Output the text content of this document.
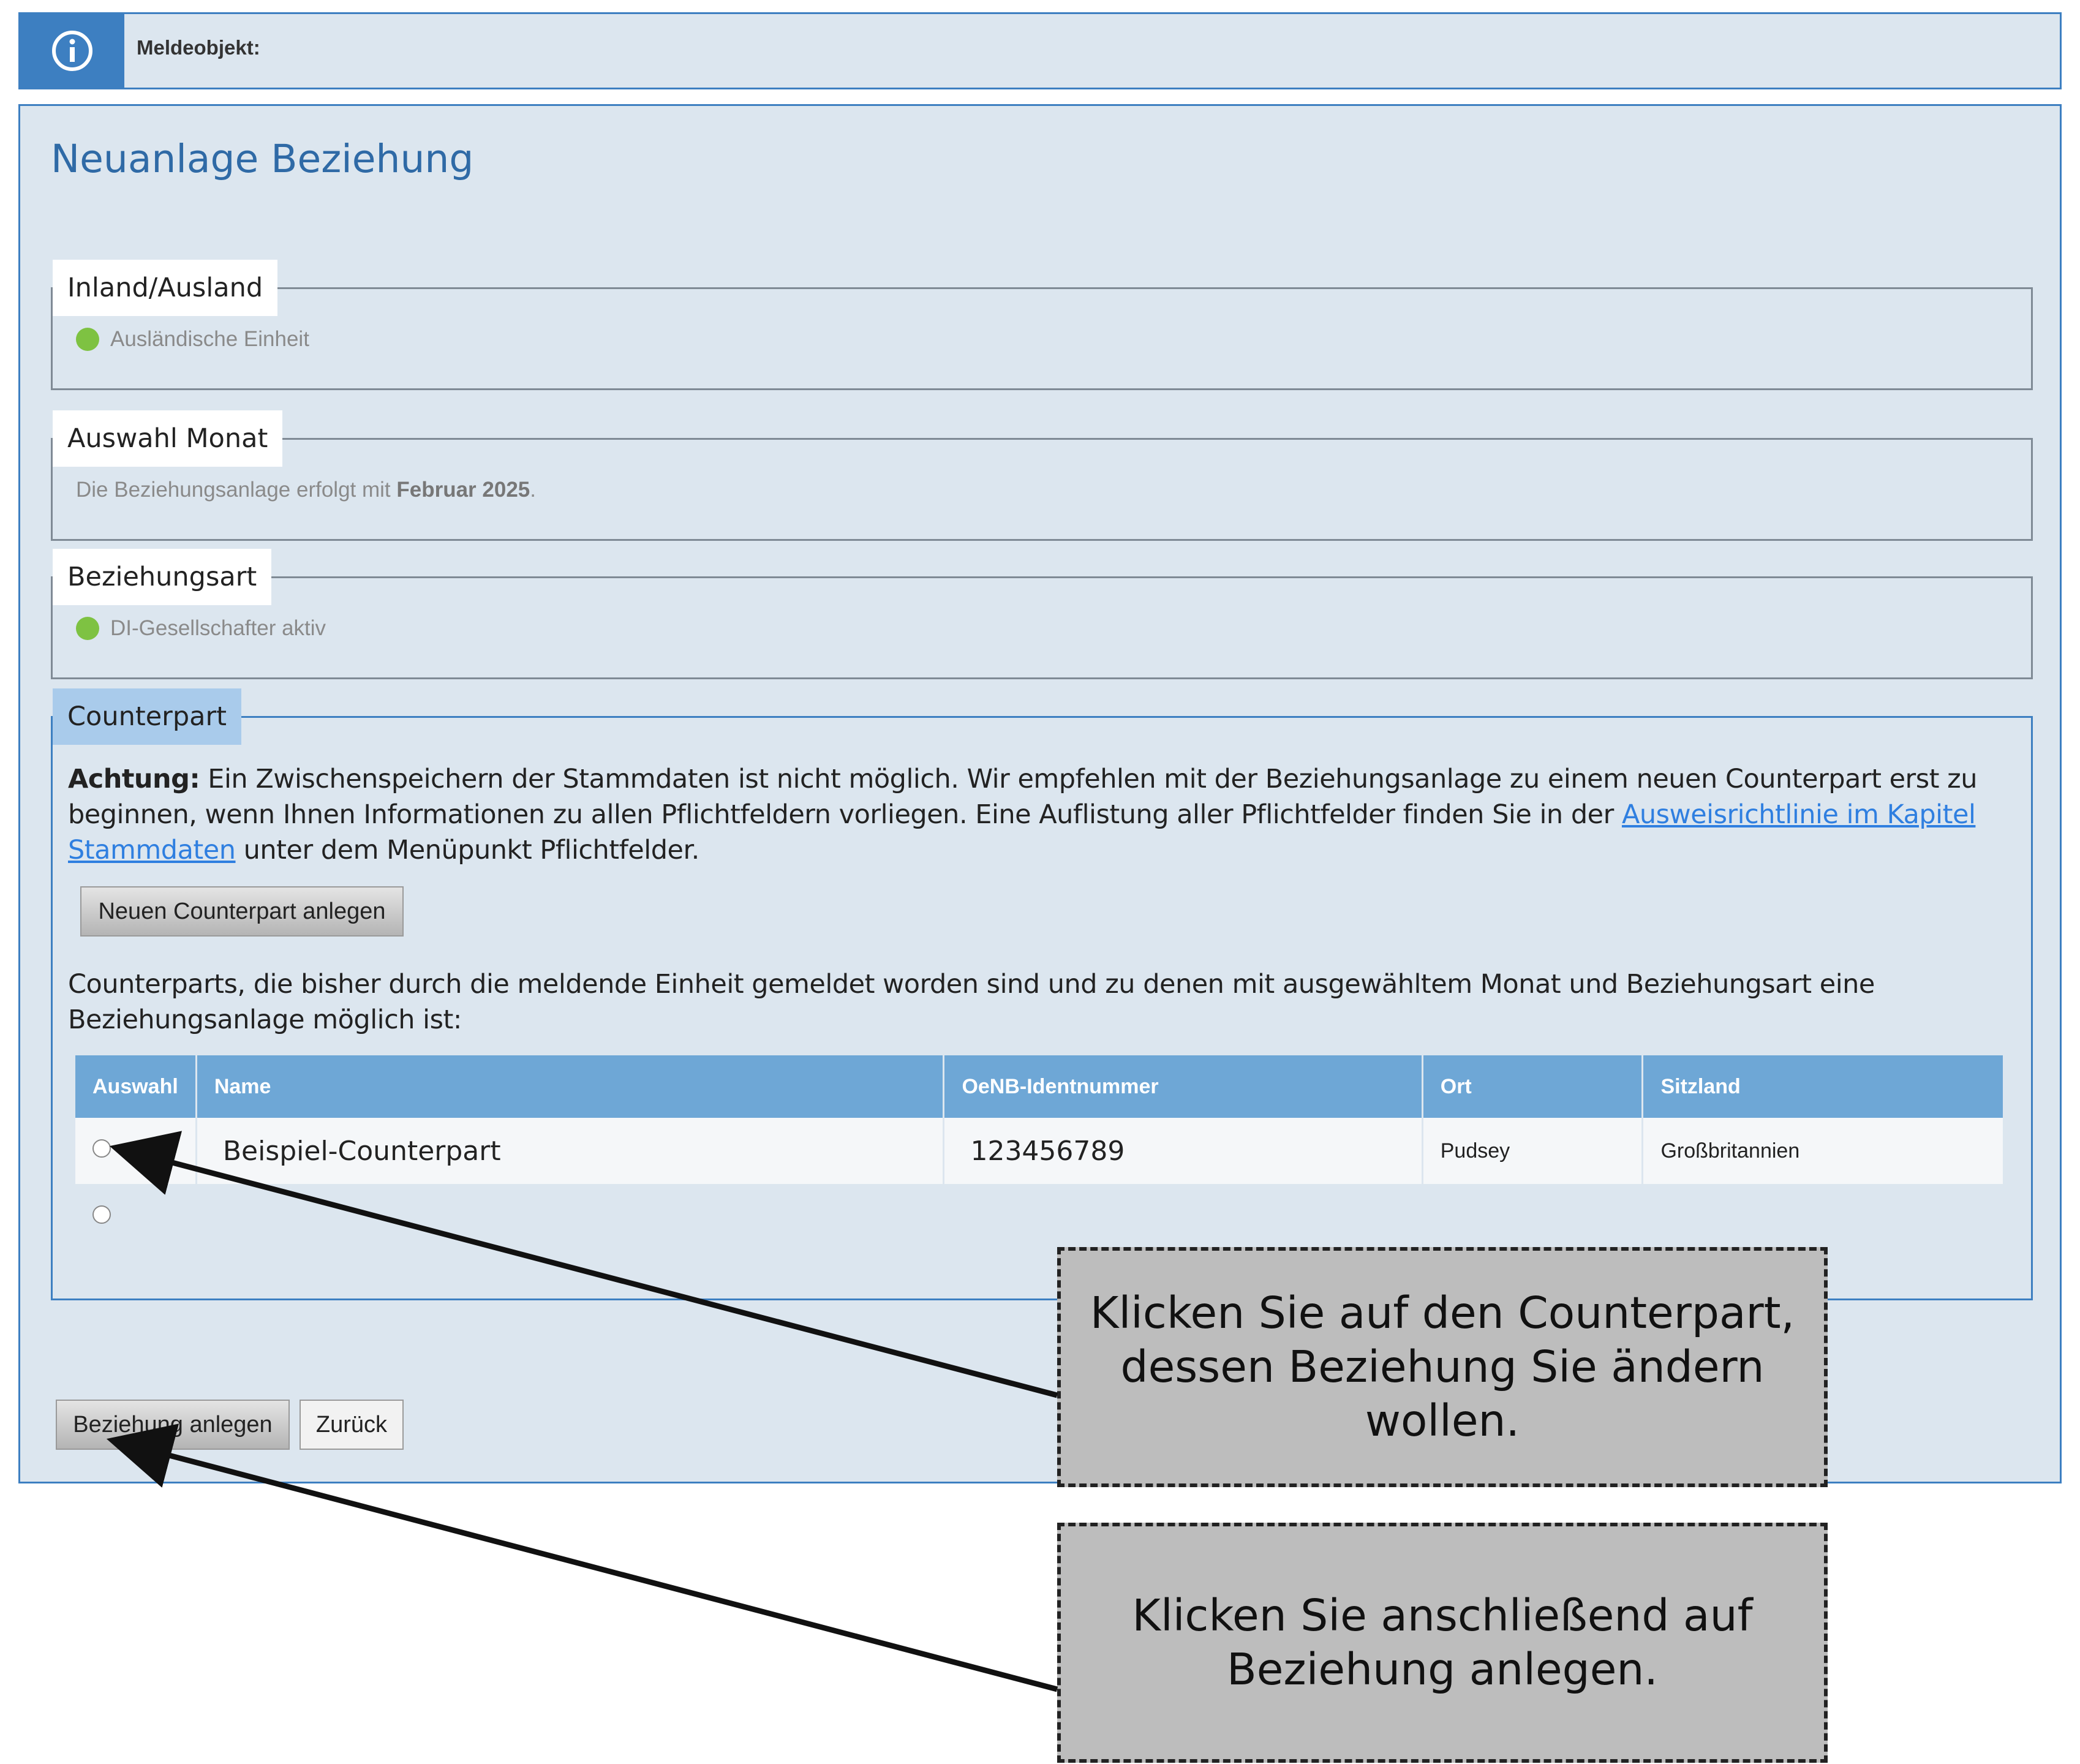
Meldeobjekt:
Neuanlage Beziehung
Inland/Ausland
Ausländische Einheit
Auswahl Monat
Die Beziehungsanlage erfolgt mit Februar 2025 .
Beziehungsart
DI-Gesellschafter aktiv
Counterpart
Achtung: Ein Zwischenspeichern der Stammdaten ist nicht möglich. Wir empfehlen mit der Beziehungsanlage zu einem neuen Counterpart erst zu beginnen, wenn Ihnen Informationen zu allen Pflichtfeldern vorliegen. Eine Auflistung aller Pflichtfelder finden Sie in der Ausweisrichtlinie im Kapitel Stammdaten unter dem Menüpunkt Pflichtfelder.
Neuen Counterpart anlegen
Counterparts, die bisher durch die meldende Einheit gemeldet worden sind und zu denen mit ausgewähltem Monat und Beziehungsart eine Beziehungsanlage möglich ist:
Auswahl	Name	OeNB-Identnummer	Ort	Sitzland
	Beispiel-Counterpart	123456789	Pudsey	Großbritannien

Beziehung anlegen	Zurück
Klicken Sie auf den Counterpart, dessen Beziehung Sie ändern wollen.
Klicken Sie anschließend auf Beziehung anlegen.
